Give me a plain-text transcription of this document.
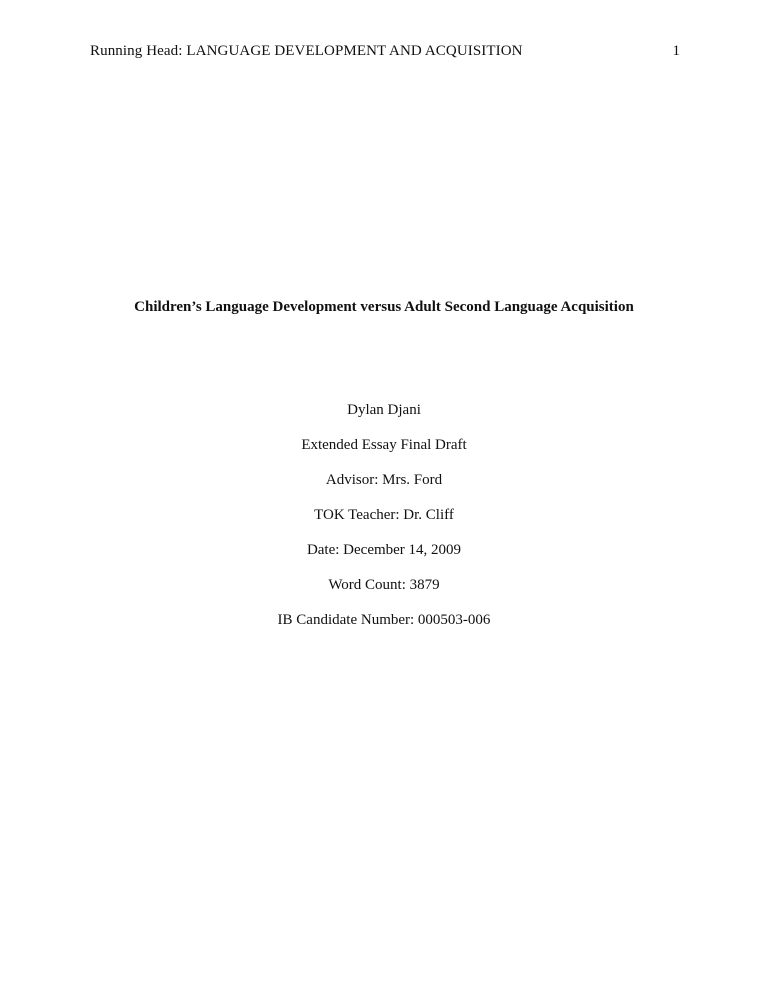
Running Head: LANGUAGE DEVELOPMENT AND ACQUISITION	1
Children’s Language Development versus Adult Second Language Acquisition
Dylan Djani
Extended Essay Final Draft
Advisor: Mrs. Ford
TOK Teacher: Dr. Cliff
Date: December 14, 2009
Word Count: 3879
IB Candidate Number: 000503-006
